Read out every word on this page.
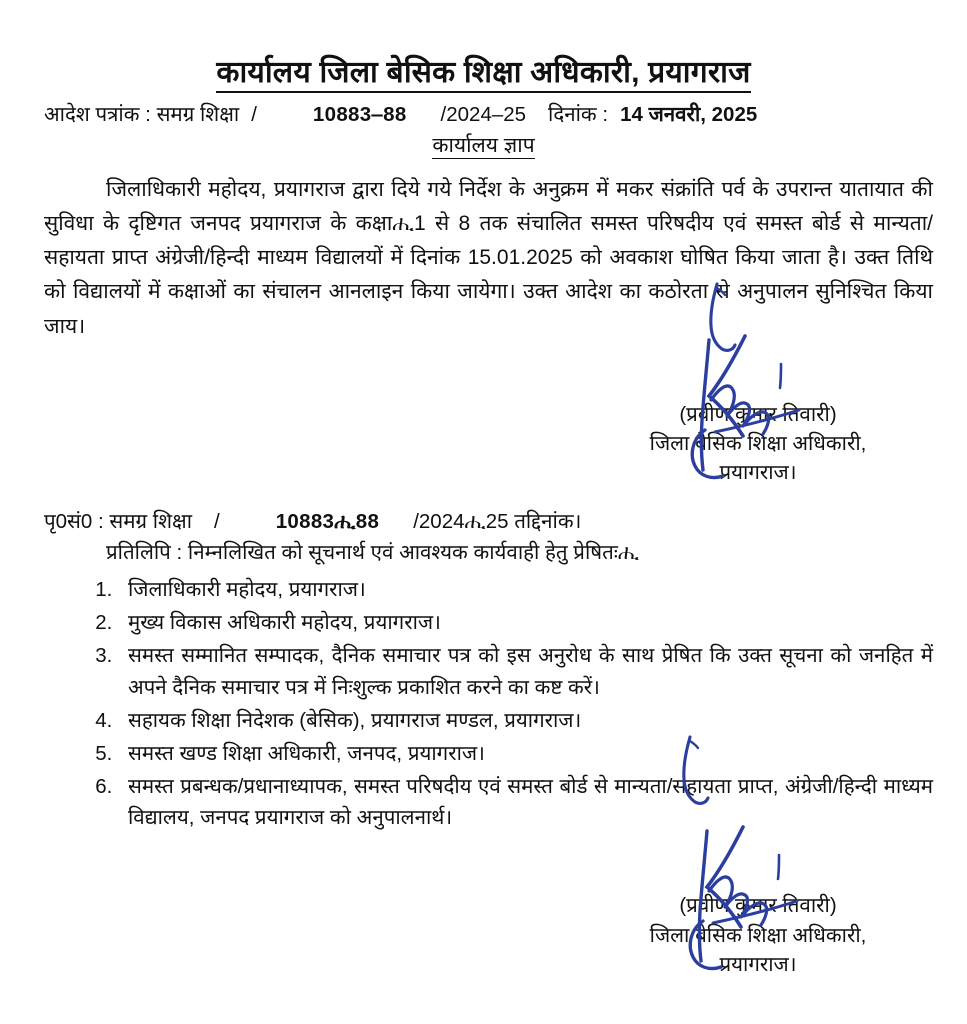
कार्यालय जिला बेसिक शिक्षा अधिकारी, प्रयागराज
आदेश पत्रांक : समग्र शिक्षा /	10883‒88 / 2024‒25 दिनांक : 14 जनवरी, 2025
कार्यालय ज्ञाप

जिलाधिकारी महोदय, प्रयागराज द्वारा दिये गये निर्देश के अनुक्रम में मकर संक्रांति पर्व के उपरान्त यातायात की सुविधा के दृष्टिगत जनपद प्रयागराज के कक्षाሒ1 से 8 तक संचालित समस्त परिषदीय एवं समस्त बोर्ड से मान्यता/सहायता प्राप्त अंग्रेजी/हिन्दी माध्यम विद्यालयों में दिनांक 15.01.2025 को अवकाश घोषित किया जाता है। उक्त तिथि को विद्यालयों में कक्षाओं का संचालन आनलाइन किया जायेगा। उक्त आदेश का कठोरता से अनुपालन सुनिश्चित किया जाय।

(प्रवीण कुमार तिवारी)
जिला बेसिक शिक्षा अधिकारी,
प्रयागराज।
पृ0सं0 : समग्र शिक्षा /	10883ሒ88 / 2024ሒ25 तद्दिनांक।
प्रतिलिपि : निम्नलिखित को सूचनार्थ एवं आवश्यक कार्यवाही हेतु प्रेषितःሒ
1. जिलाधिकारी महोदय, प्रयागराज।
2. मुख्य विकास अधिकारी महोदय, प्रयागराज।
3. समस्त सम्मानित सम्पादक, दैनिक समाचार पत्र को इस अनुरोध के साथ प्रेषित कि उक्त सूचना को जनहित में अपने दैनिक समाचार पत्र में निःशुल्क प्रकाशित करने का कष्ट करें।
4. सहायक शिक्षा निदेशक (बेसिक), प्रयागराज मण्डल, प्रयागराज।
5. समस्त खण्ड शिक्षा अधिकारी, जनपद, प्रयागराज।
6. समस्त प्रबन्धक/प्रधानाध्यापक, समस्त परिषदीय एवं समस्त बोर्ड से मान्यता/सहायता प्राप्त, अंग्रेजी/हिन्दी माध्यम विद्यालय, जनपद प्रयागराज को अनुपालनार्थ।
(प्रवीण कुमार तिवारी)
जिला बेसिक शिक्षा अधिकारी,
प्रयागराज।
